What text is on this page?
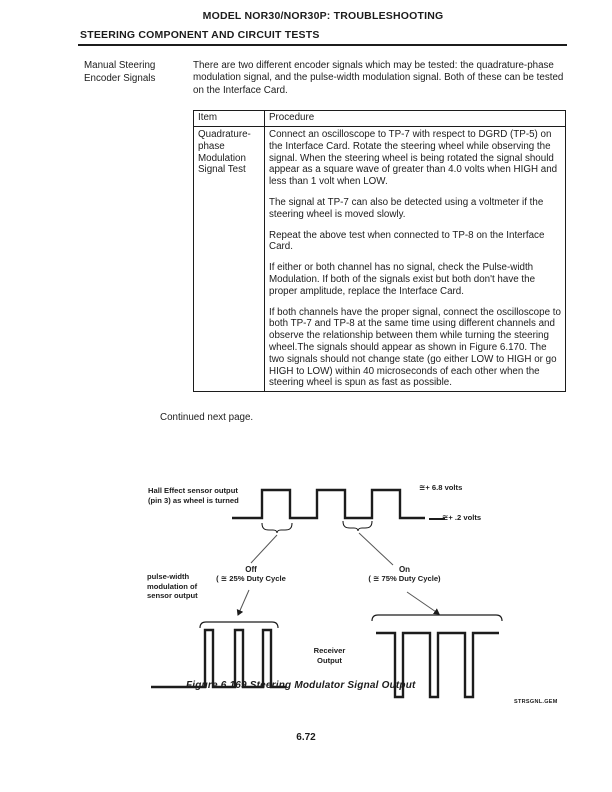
MODEL NOR30/NOR30P: TROUBLESHOOTING
STEERING COMPONENT AND CIRCUIT TESTS
Manual Steering Encoder Signals
There are two different encoder signals which may be tested: the quadrature-phase modulation signal, and the pulse-width modulation signal. Both of these can be tested on the Interface Card.
Item	Procedure
Quadrature-phase Modulation Signal Test	Connect an oscilloscope to TP-7 with respect to DGRD (TP-5) on the Interface Card. Rotate the steering wheel while observing the signal. When the steering wheel is being rotated the signal should appear as a square wave of greater than 4.0 volts when HIGH and less than 1 volt when LOW.

The signal at TP-7 can also be detected using a voltmeter if the steering wheel is moved slowly.

Repeat the above test when connected to TP-8 on the Interface Card.

If either or both channel has no signal, check the Pulse-width Modulation. If both of the signals exist but both don't have the proper amplitude, replace the Interface Card.

If both channels have the proper signal, connect the oscilloscope to both TP-7 and TP-8 at the same time using different channels and observe the relationship between them while turning the steering wheel.The signals should appear as shown in Figure 6.170. The two signals should not change state (go either LOW to HIGH or go HIGH to LOW) within 40 microseconds of each other when the steering wheel is spun as fast as possible.

Continued next page.
Hall Effect sensor output (pin 3) as wheel is turned
≅+ 6.8 volts
≅+ .2 volts
Off
( ≅ 25% Duty Cycle
On
( ≅ 75% Duty Cycle)
pulse-width modulation of sensor output
Receiver
Output
Figure 6.169 Steering Modulator Signal Output
STRSGNL.GEM
6.72
